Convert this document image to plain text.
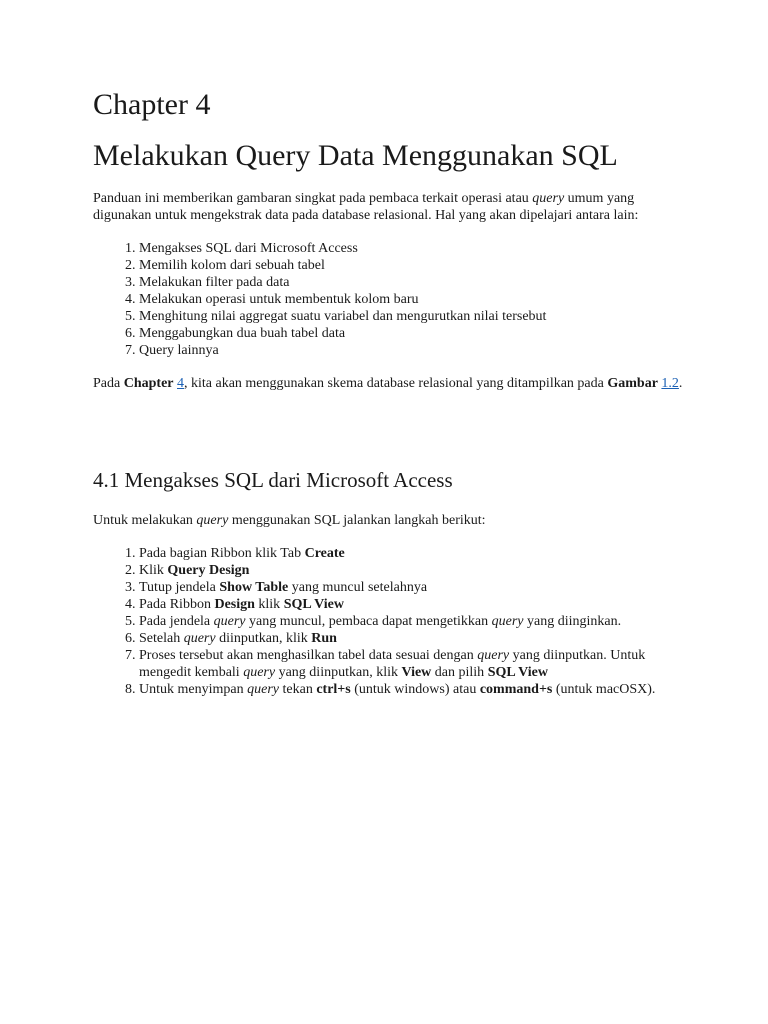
Chapter 4
Melakukan Query Data Menggunakan SQL

Panduan ini memberikan gambaran singkat pada pembaca terkait operasi atau query umum yang digunakan untuk mengekstrak data pada database relasional. Hal yang akan dipelajari antara lain:

1. Mengakses SQL dari Microsoft Access
2. Memilih kolom dari sebuah tabel
3. Melakukan filter pada data
4. Melakukan operasi untuk membentuk kolom baru
5. Menghitung nilai aggregat suatu variabel dan mengurutkan nilai tersebut
6. Menggabungkan dua buah tabel data
7. Query lainnya

Pada Chapter 4, kita akan menggunakan skema database relasional yang ditampilkan pada Gambar 1.2.

4.1 Mengakses SQL dari Microsoft Access

Untuk melakukan query menggunakan SQL jalankan langkah berikut:

1. Pada bagian Ribbon klik Tab Create
2. Klik Query Design
3. Tutup jendela Show Table yang muncul setelahnya
4. Pada Ribbon Design klik SQL View
5. Pada jendela query yang muncul, pembaca dapat mengetikkan query yang diinginkan.
6. Setelah query diinputkan, klik Run
7. Proses tersebut akan menghasilkan tabel data sesuai dengan query yang diinputkan. Untuk mengedit kembali query yang diinputkan, klik View dan pilih SQL View
8. Untuk menyimpan query tekan ctrl+s (untuk windows) atau command+s (untuk macOSX).
